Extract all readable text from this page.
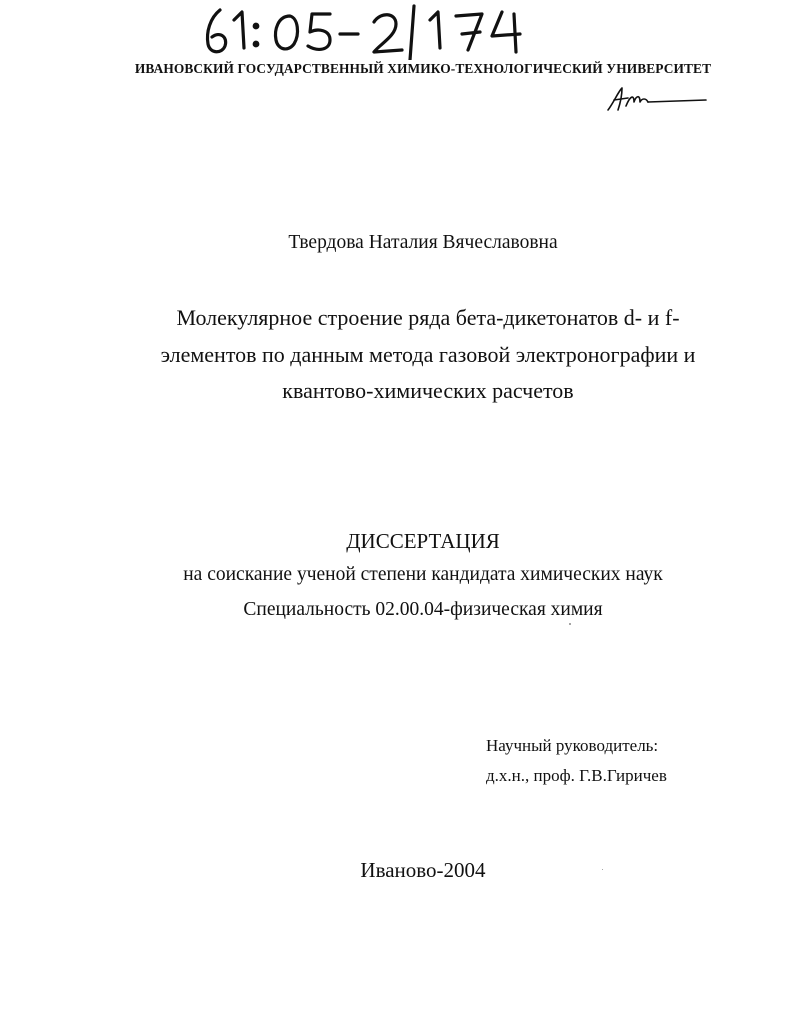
ИВАНОВСКИЙ ГОСУДАРСТВЕННЫЙ ХИМИКО-ТЕХНОЛОГИЧЕСКИЙ УНИВЕРСИТЕТ

Твердова Наталия Вячеславовна

Молекулярное строение ряда бета-дикетонатов d- и f-
элементов по данным метода газовой электронографии и
квантово-химических расчетов

ДИССЕРТАЦИЯ

на соискание ученой степени кандидата химических наук

Специальность 02.00.04-физическая химия

Научный руководитель:

д.х.н., проф. Г.В.Гиричев

Иваново-2004
